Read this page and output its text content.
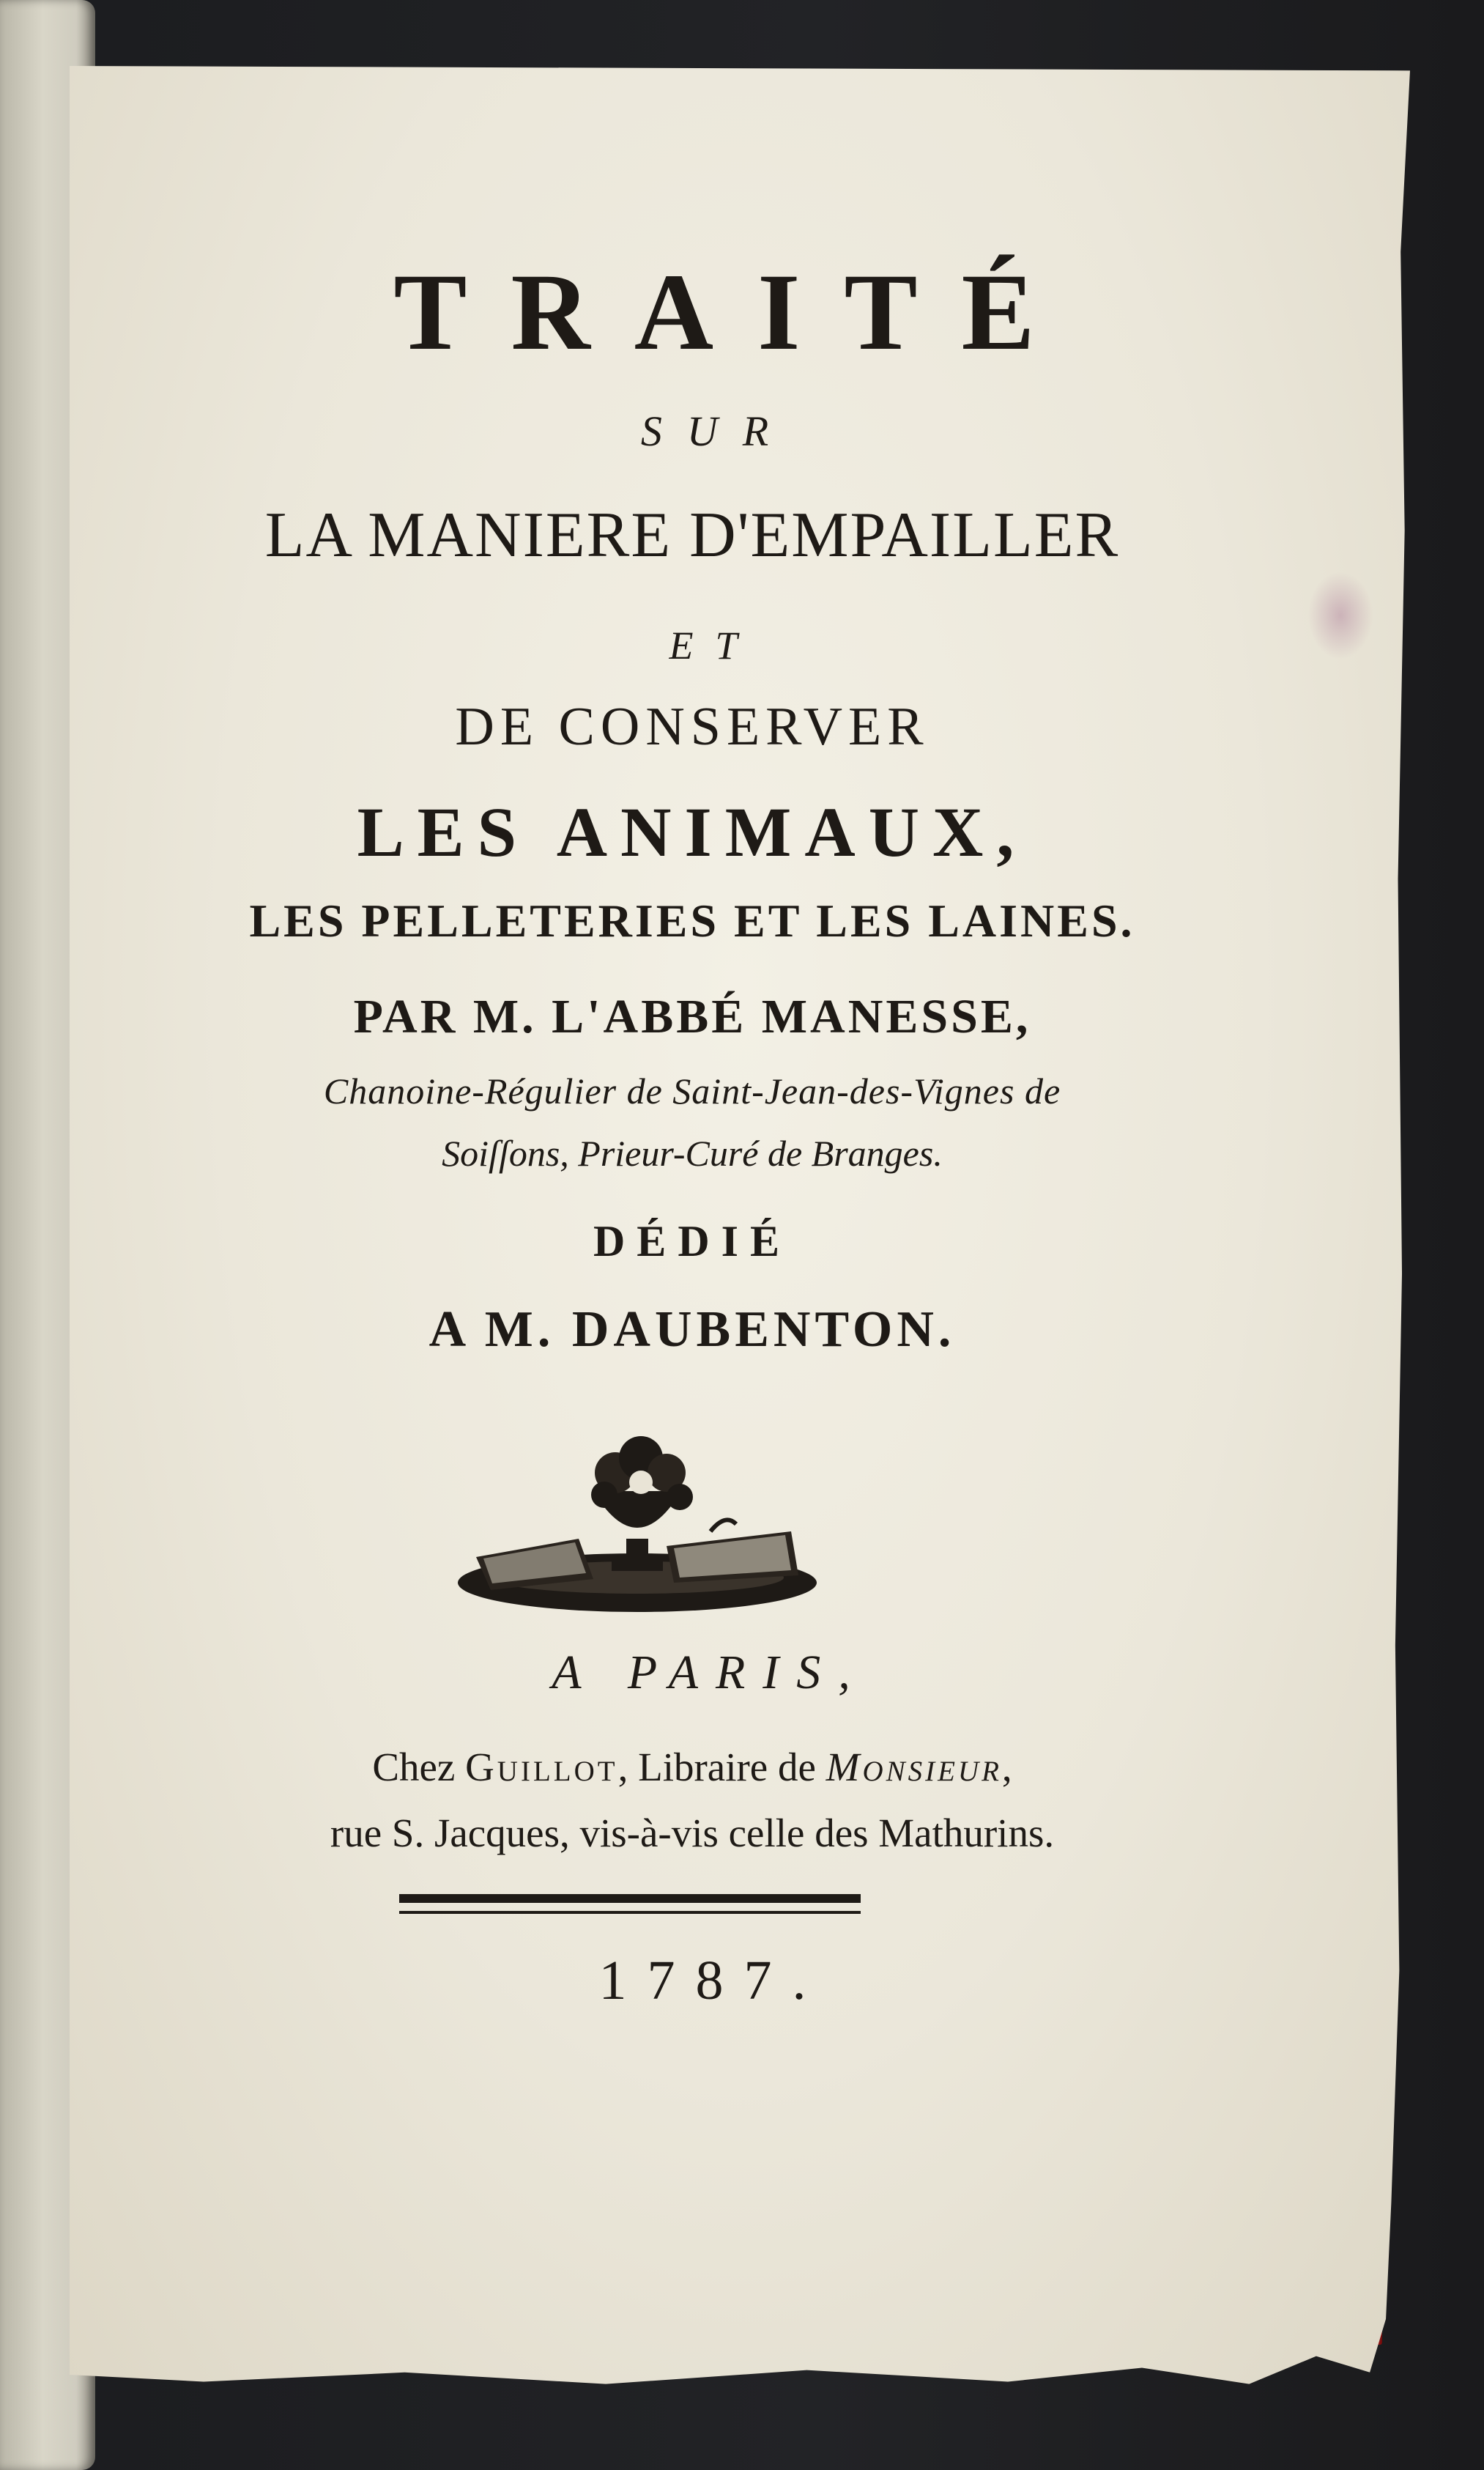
TRAITÉ
SUR
LA MANIERE D'EMPAILLER
ET
DE CONSERVER
LES ANIMAUX,
LES PELLETERIES ET LES LAINES.
PAR M. L'ABBÉ MANESSE,
Chanoine-Régulier de Saint-Jean-des-Vignes de
Soiſſons, Prieur-Curé de Branges.
DÉDIÉ
A M. DAUBENTON.
A PARIS,
Chez Guillot, Libraire de Monsieur,
rue S. Jacques, vis-à-vis celle des Mathurins.
1787.
